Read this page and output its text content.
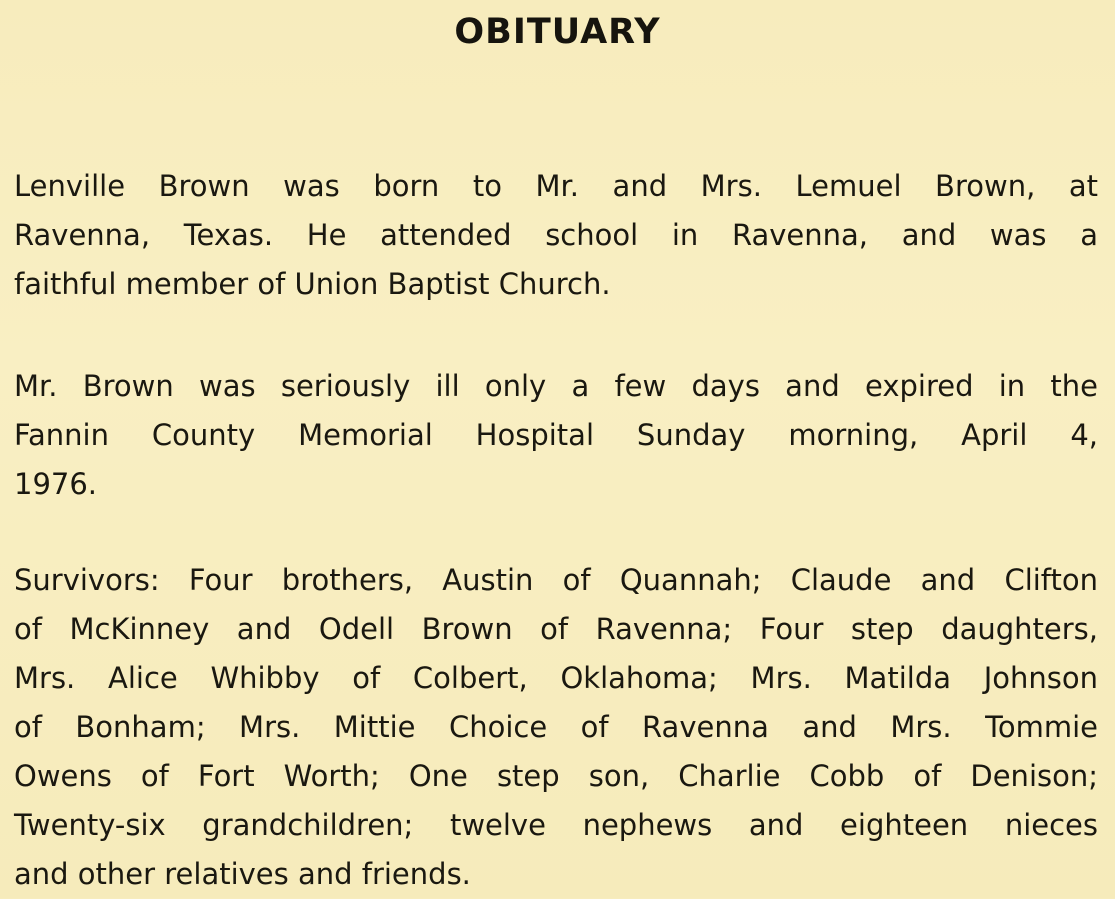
OBITUARY
Lenville Brown was born to Mr. and Mrs. Lemuel Brown, at
Ravenna, Texas. He attended school in Ravenna, and was a
faithful member of Union Baptist Church.
Mr. Brown was seriously ill only a few days and expired in the
Fannin County Memorial Hospital Sunday morning, April 4,
1976.
Survivors: Four brothers, Austin of Quannah; Claude and Clifton
of McKinney and Odell Brown of Ravenna; Four step daughters,
Mrs. Alice Whibby of Colbert, Oklahoma; Mrs. Matilda Johnson
of Bonham; Mrs. Mittie Choice of Ravenna and Mrs. Tommie
Owens of Fort Worth; One step son, Charlie Cobb of Denison;
Twenty-six grandchildren; twelve nephews and eighteen nieces
and other relatives and friends.
